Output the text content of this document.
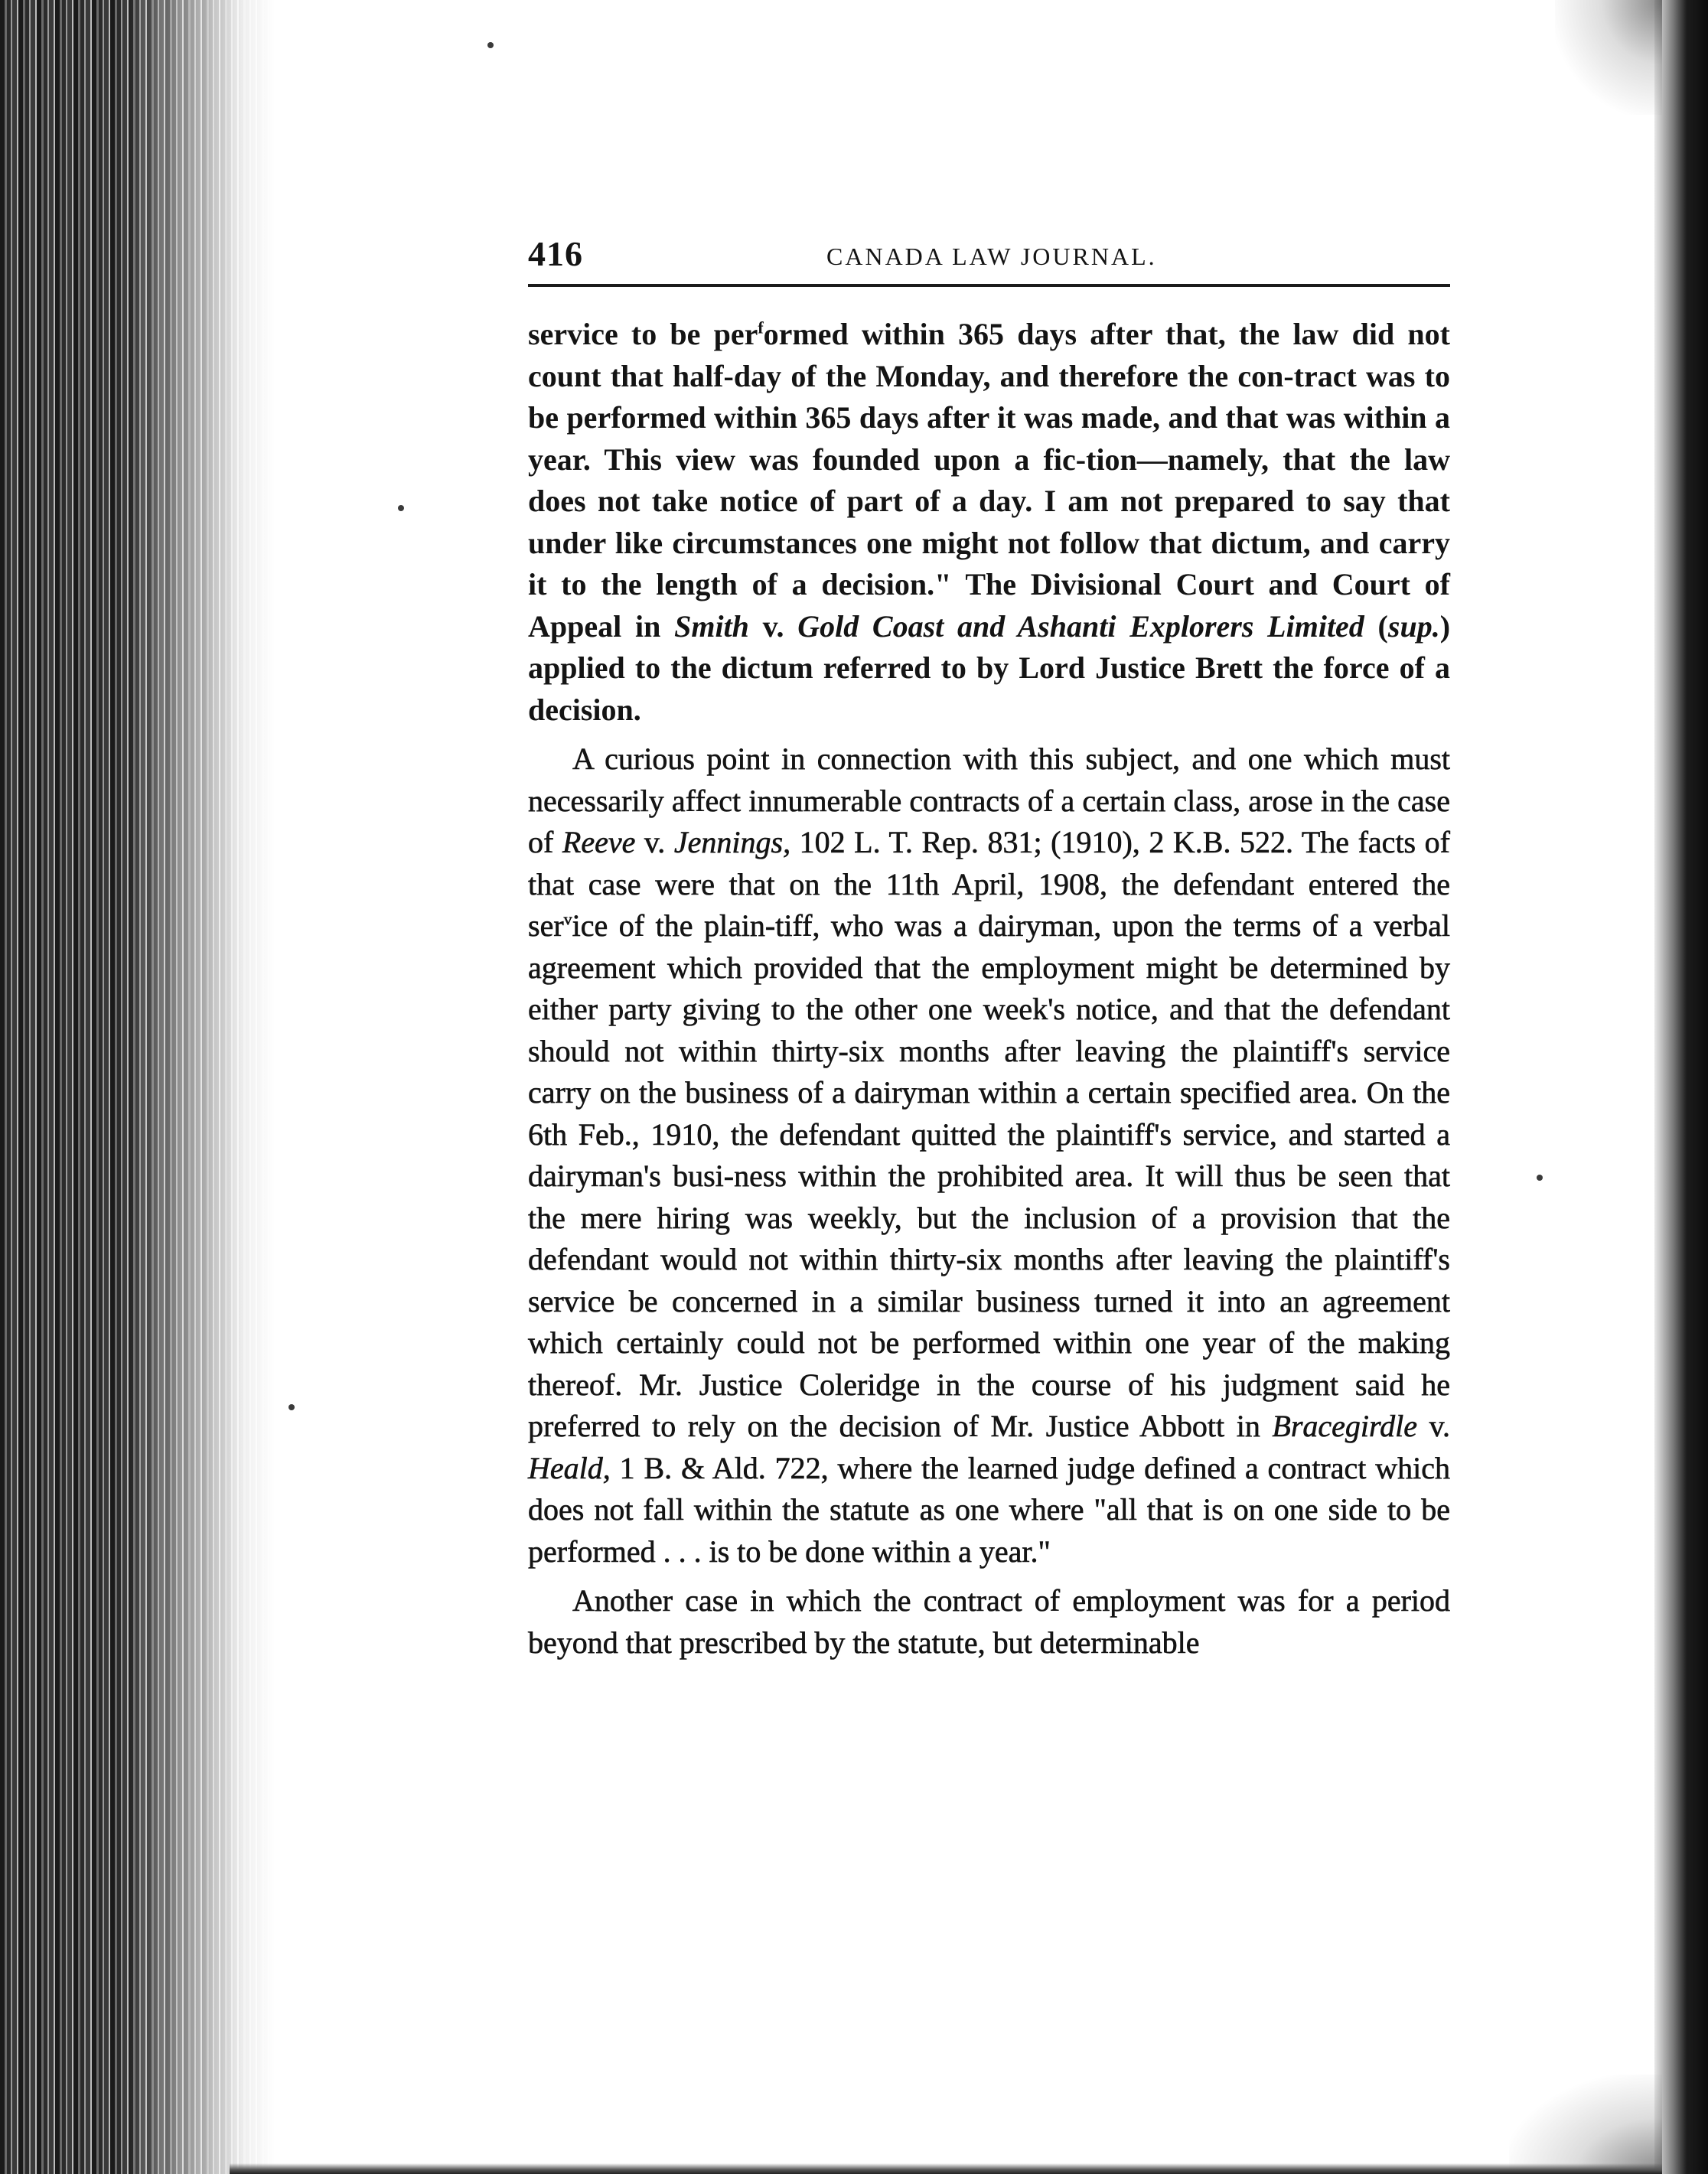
416	CANADA LAW JOURNAL.

service to be per$^f$ormed within 365 days after that, the law did not count that half-day of the Monday, and therefore the con-tract was to be performed within 365 days after it was made, and that was within a year. This view was founded upon a fic-tion—namely, that the law does not take notice of part of a day. I am not prepared to say that under like circumstances one might not follow that dictum, and carry it to the length of a decision." The Divisional Court and Court of Appeal in Smith v. Gold Coast and Ashanti Explorers Limited (sup.) applied to the dictum referred to by Lord Justice Brett the force of a decision.

A curious point in connection with this subject, and one which must necessarily affect innumerable contracts of a certain class, arose in the case of Reeve v. Jennings, 102 L. T. Rep. 831; (1910), 2 K.B. 522. The facts of that case were that on the 11th April, 1908, the defendant entered the ser$^v$ice of the plain-tiff, who was a dairyman, upon the terms of a verbal agreement which provided that the employment might be determined by either party giving to the other one week's notice, and that the defendant should not within thirty-six months after leaving the plaintiff's service carry on the business of a dairyman within a certain specified area. On the 6th Feb., 1910, the defendant quitted the plaintiff's service, and started a dairyman's busi-ness within the prohibited area. It will thus be seen that the mere hiring was weekly, but the inclusion of a provision that the defendant would not within thirty-six months after leaving the plaintiff's service be concerned in a similar business turned it into an agreement which certainly could not be performed within one year of the making thereof. Mr. Justice Coleridge in the course of his judgment said he preferred to rely on the decision of Mr. Justice Abbott in Bracegirdle v. Heald, 1 B. & Ald. 722, where the learned judge defined a contract which does not fall within the statute as one where "all that is on one side to be performed . . . is to be done within a year."

Another case in which the contract of employment was for a period beyond that prescribed by the statute, but determinable
